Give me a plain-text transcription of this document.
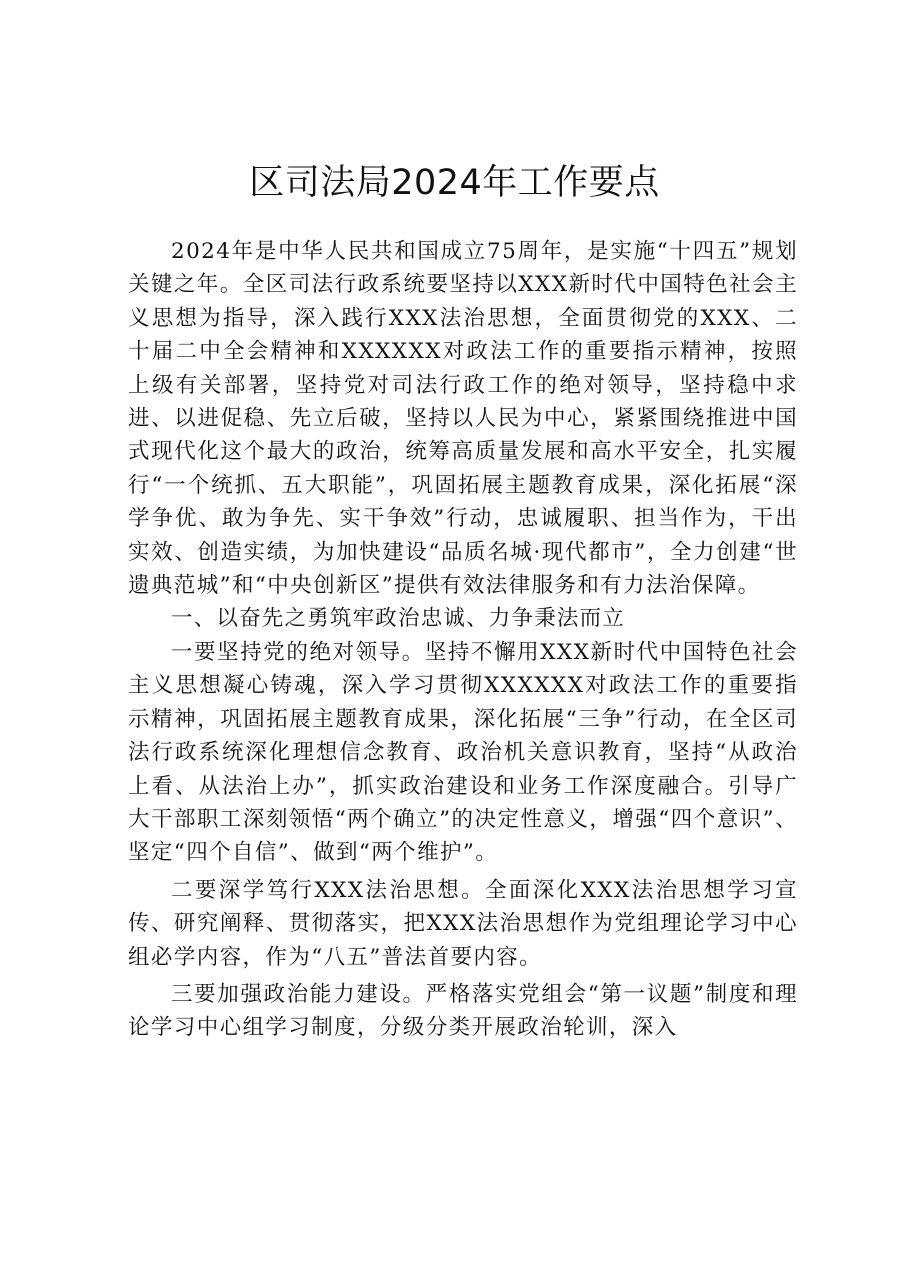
区司法局2024年工作要点

2024年是中华人民共和国成立75周年，是实施“十四五”规划关键之年。全区司法行政系统要坚持以XXX新时代中国特色社会主义思想为指导，深入践行XXX法治思想，全面贯彻党的XXX、二十届二中全会精神和XXXXXX对政法工作的重要指示精神，按照上级有关部署，坚持党对司法行政工作的绝对领导，坚持稳中求进、以进促稳、先立后破，坚持以人民为中心，紧紧围绕推进中国式现代化这个最大的政治，统筹高质量发展和高水平安全，扎实履行“一个统抓、五大职能”，巩固拓展主题教育成果，深化拓展“深学争优、敢为争先、实干争效”行动，忠诚履职、担当作为，干出实效、创造实绩，为加快建设“品质名城·现代都市”，全力创建“世遗典范城”和“中央创新区”提供有效法律服务和有力法治保障。

一、以奋先之勇筑牢政治忠诚、力争秉法而立

一要坚持党的绝对领导。坚持不懈用XXX新时代中国特色社会主义思想凝心铸魂，深入学习贯彻XXXXXX对政法工作的重要指示精神，巩固拓展主题教育成果，深化拓展“三争”行动，在全区司法行政系统深化理想信念教育、政治机关意识教育，坚持“从政治上看、从法治上办”，抓实政治建设和业务工作深度融合。引导广大干部职工深刻领悟“两个确立”的决定性意义，增强“四个意识”、坚定“四个自信”、做到“两个维护”。

二要深学笃行XXX法治思想。全面深化XXX法治思想学习宣传、研究阐释、贯彻落实，把XXX法治思想作为党组理论学习中心组必学内容，作为“八五”普法首要内容。

三要加强政治能力建设。严格落实党组会“第一议题”制度和理论学习中心组学习制度，分级分类开展政治轮训，深入
